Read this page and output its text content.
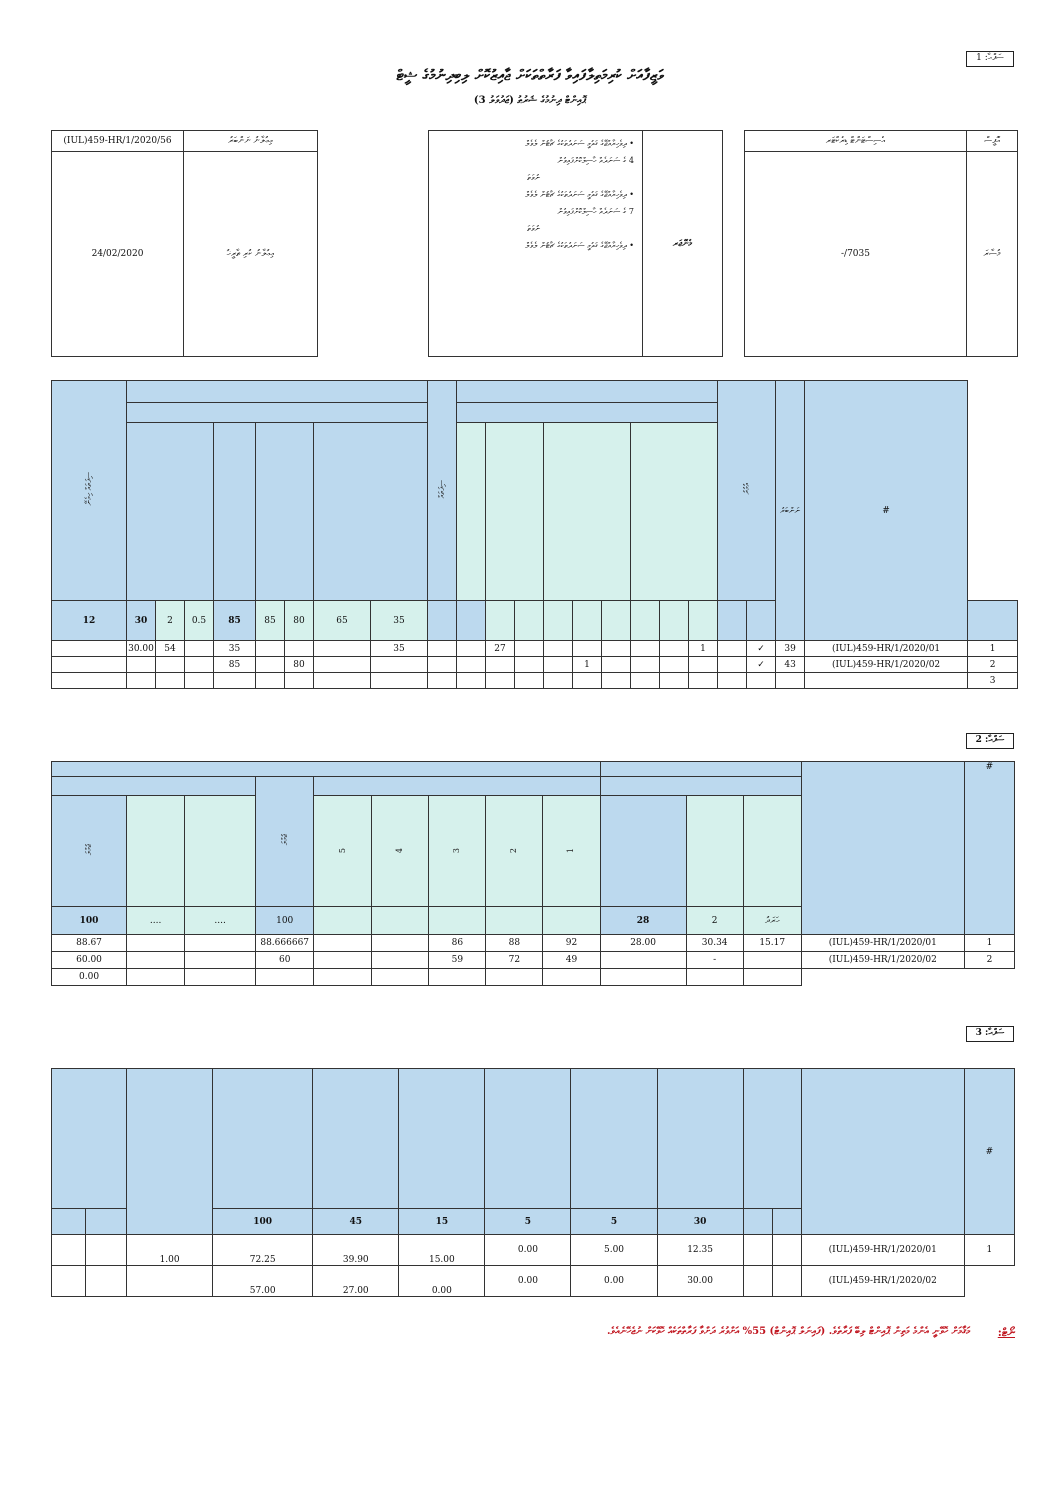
ސަފްޙާ: 1
ވަޒީފާއަށް ކުރިމަތިލާފައިވާ ފަރާތްތަކަށް ޖާއިޒުކޮށް ލިބިދިނުމުގެ ޝީޓް
ޕޮއިންޓް ދިނުމުގެ ޝަރުޠު (ޖަދުވަލު 3)
(IUL)459-HR/1/2020/56	ޢިޢުލާނު ނަންބަރު
24/02/2020	ޢިޢުލާނު ކުރި ތާރީޚު
• ދިވެހިރާއްޖޭގެ ޤައުމީ ސަނަދުތަކުގެ ޗާޓުން ލެވެލް
4 ގެ ސަނަދެއް ހާސިލްކޮށްފައިވުން
ނުވަތަ
• ދިވެހިރާއްޖޭގެ ޤައުމީ ސަނަދުތަކުގެ ޗާޓުން ލެވެލް
7 ގެ ސަނަދެއް ހާސިލްކޮށްފައިވުން
ނުވަތަ
• ދިވެހިރާއްޖޭގެ ޤައުމީ ސަނަދުތަކުގެ ޗާޓުން ލެވެލް	މެނޭޖަރ
އެސިސްޓަންޓް ޑިރެކްޓަރ	އޮފީސް
-/7035	މުސާރަ
ސިފަތައް ހިމެނޭ									ސިފަތައް										އުމުރު		ނަންބަރު	#	

12	30	2	0.5	85	85	80	65	35															
	30.00	54		35				35			27							1		✓	39	(IUL)459-HR/1/2020/01	1
				85		80								1						✓	43	(IUL)459-HR/1/2020/02	2
																							3
ސަފްޙާ: 2
													#
			ޖުމްލަ										
ޖުމްލަ				5	4	3	2	1					
100	....	....	100						28	2	ހަރަދު		
88.67			88.666667			86	88	92	28.00	30.34	15.17	(IUL)459-HR/1/2020/01	1
60.00			60			59	72	49		-		(IUL)459-HR/1/2020/02	2
0.00													
ސަފްޙާ: 3
												#
			100	45	15	5	5	30				
		1.00	72.25	39.90	15.00	0.00	5.00	12.35			(IUL)459-HR/1/2020/01	1
			57.00	27.00	0.00	0.00	0.00	30.00			(IUL)459-HR/1/2020/02	
މަޤާމަށް ހޮވޭނީ އެންމެ މަތިން ޕޮއިންޓް ލިބޭ ފަރާތެވެ. (ފައިނަލް ޕޮއިންޓް) 55% އަށްވުރެ ދަށްވާ ފަރާތްތަކެއް ހޮވޭކަށް ނުޖެހޭނެއެވެ.	ނޯޓް:
